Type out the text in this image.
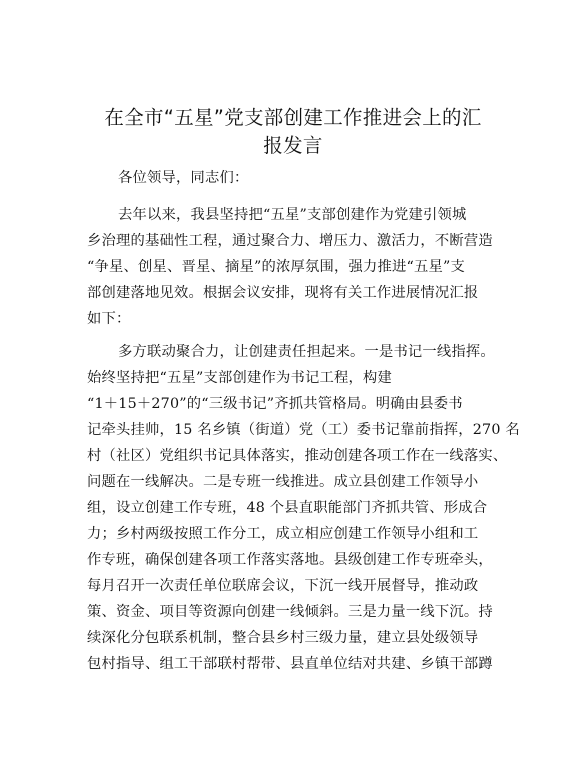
在全市“五星”党支部创建工作推进会上的汇
报发言
各位领导，同志们：
去年以来，我县坚持把“五星”支部创建作为党建引领城
乡治理的基础性工程，通过聚合力、增压力、激活力，不断营造
“争星、创星、晋星、摘星”的浓厚氛围，强力推进“五星”支
部创建落地见效。根据会议安排，现将有关工作进展情况汇报
如下：
多方联动聚合力，让创建责任担起来。一是书记一线指挥。
始终坚持把“五星”支部创建作为书记工程，构建
“1＋15＋270”的“三级书记”齐抓共管格局。明确由县委书
记牵头挂帅，15 名乡镇（街道）党（工）委书记靠前指挥，270 名
村（社区）党组织书记具体落实，推动创建各项工作在一线落实、
问题在一线解决。二是专班一线推进。成立县创建工作领导小
组，设立创建工作专班，48 个县直职能部门齐抓共管、形成合
力；乡村两级按照工作分工，成立相应创建工作领导小组和工
作专班，确保创建各项工作落实落地。县级创建工作专班牵头，
每月召开一次责任单位联席会议，下沉一线开展督导，推动政
策、资金、项目等资源向创建一线倾斜。三是力量一线下沉。持
续深化分包联系机制，整合县乡村三级力量，建立县处级领导
包村指导、组工干部联村帮带、县直单位结对共建、乡镇干部蹲
